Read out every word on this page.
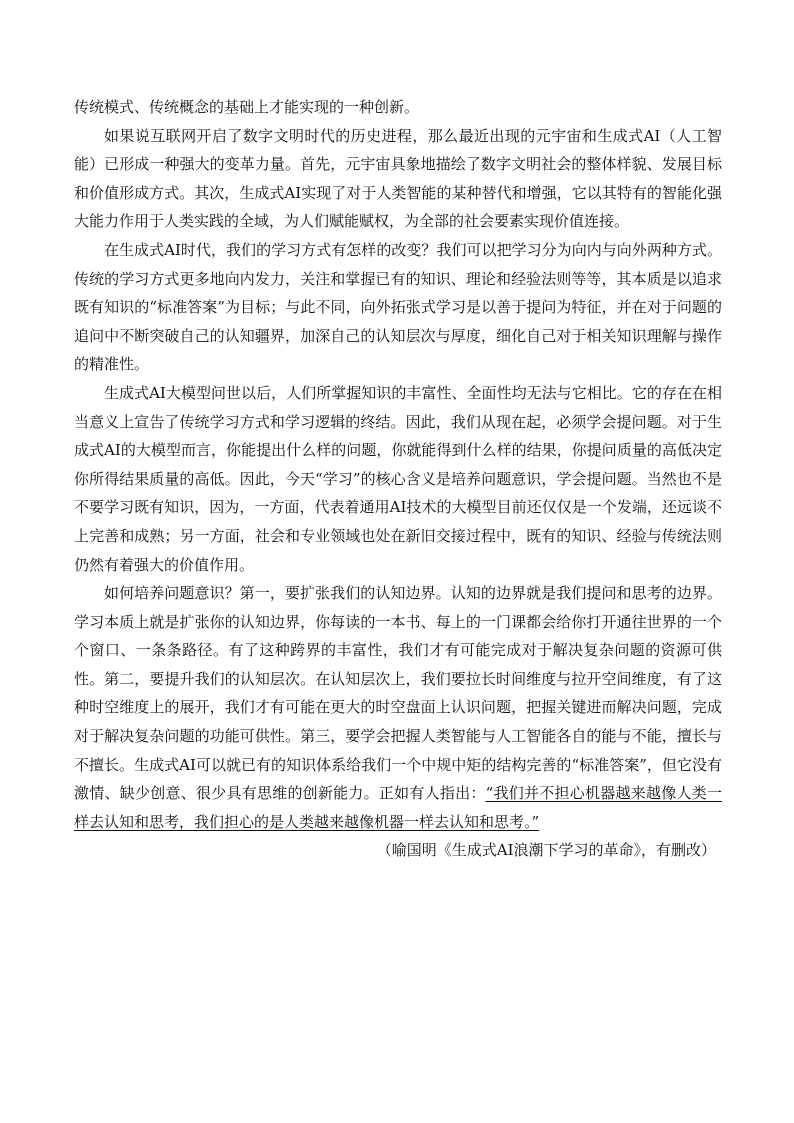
传统模式、传统概念的基础上才能实现的一种创新。

如果说互联网开启了数字文明时代的历史进程，那么最近出现的元宇宙和生成式AI（人工智能）已形成一种强大的变革力量。首先，元宇宙具象地描绘了数字文明社会的整体样貌、发展目标和价值形成方式。其次，生成式AI实现了对于人类智能的某种替代和增强，它以其特有的智能化强大能力作用于人类实践的全域，为人们赋能赋权，为全部的社会要素实现价值连接。

在生成式AI时代，我们的学习方式有怎样的改变？我们可以把学习分为向内与向外两种方式。传统的学习方式更多地向内发力，关注和掌握已有的知识、理论和经验法则等等，其本质是以追求既有知识的“标准答案”为目标；与此不同，向外拓张式学习是以善于提问为特征，并在对于问题的追问中不断突破自己的认知疆界，加深自己的认知层次与厚度，细化自己对于相关知识理解与操作的精准性。

生成式AI大模型问世以后，人们所掌握知识的丰富性、全面性均无法与它相比。它的存在在相当意义上宣告了传统学习方式和学习逻辑的终结。因此，我们从现在起，必须学会提问题。对于生成式AI的大模型而言，你能提出什么样的问题，你就能得到什么样的结果，你提问质量的高低决定你所得结果质量的高低。因此，今天“学习”的核心含义是培养问题意识，学会提问题。当然也不是不要学习既有知识，因为，一方面，代表着通用AI技术的大模型目前还仅仅是一个发端，还远谈不上完善和成熟；另一方面，社会和专业领域也处在新旧交接过程中，既有的知识、经验与传统法则仍然有着强大的价值作用。

如何培养问题意识？第一，要扩张我们的认知边界。认知的边界就是我们提问和思考的边界。学习本质上就是扩张你的认知边界，你每读的一本书、每上的一门课都会给你打开通往世界的一个个窗口、一条条路径。有了这种跨界的丰富性，我们才有可能完成对于解决复杂问题的资源可供性。第二，要提升我们的认知层次。在认知层次上，我们要拉长时间维度与拉开空间维度，有了这种时空维度上的展开，我们才有可能在更大的时空盘面上认识问题，把握关键进而解决问题，完成对于解决复杂问题的功能可供性。第三，要学会把握人类智能与人工智能各自的能与不能，擅长与不擅长。生成式AI可以就已有的知识体系给我们一个中规中矩的结构完善的“标准答案”，但它没有激情、缺少创意、很少具有思维的创新能力。正如有人指出：“我们并不担心机器越来越像人类一样去认知和思考，我们担心的是人类越来越像机器一样去认知和思考。”

（喻国明《生成式AI浪潮下学习的革命》，有删改）
